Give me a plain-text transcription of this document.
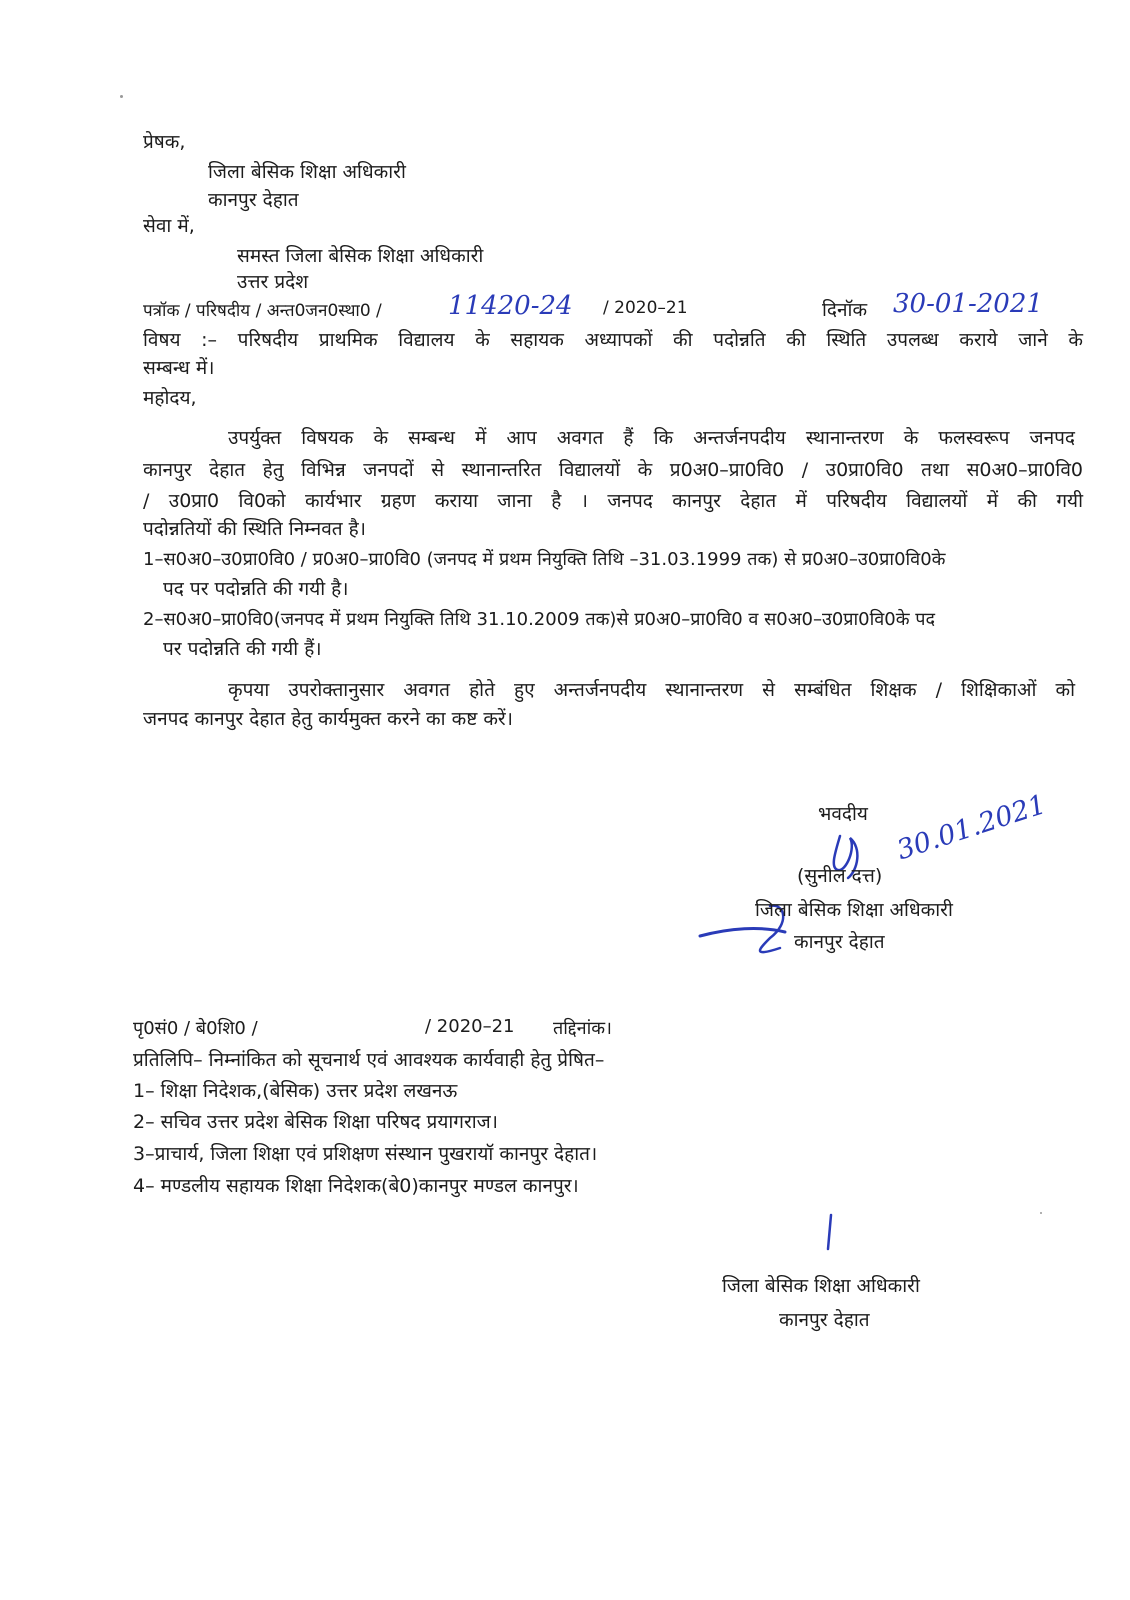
प्रेषक,
जिला बेसिक शिक्षा अधिकारी
कानपुर देहात
सेवा में,
समस्त जिला बेसिक शिक्षा अधिकारी
उत्तर प्रदेश
पत्रॉक / परिषदीय / अन्त0जन0स्था0 /	11420-24 / 2020–21	दिनॉक 30-01-2021
विषय :– परिषदीय प्राथमिक विद्यालय के सहायक अध्यापकों की पदोन्नति की स्थिति उपलब्ध कराये जाने के
सम्बन्ध में।
महोदय,
उपर्युक्त विषयक के सम्बन्ध में आप अवगत हैं कि अन्तर्जनपदीय स्थानान्तरण के फलस्वरूप जनपद
कानपुर देहात हेतु विभिन्न जनपदों से स्थानान्तरित विद्यालयों के प्र0अ0–प्रा0वि0 / उ0प्रा0वि0 तथा स0अ0–प्रा0वि0
/ उ0प्रा0 वि0को कार्यभार ग्रहण कराया जाना है । जनपद कानपुर देहात में परिषदीय विद्यालयों में की गयी
पदोन्नतियों की स्थिति निम्नवत है।
1–स0अ0–उ0प्रा0वि0 / प्र0अ0–प्रा0वि0 (जनपद में प्रथम नियुक्ति तिथि –31.03.1999 तक) से प्र0अ0–उ0प्रा0वि0के
पद पर पदोन्नति की गयी है।
2–स0अ0–प्रा0वि0(जनपद में प्रथम नियुक्ति तिथि 31.10.2009 तक)से प्र0अ0–प्रा0वि0 व स0अ0–उ0प्रा0वि0के पद
पर पदोन्नति की गयी हैं।
कृपया उपरोक्तानुसार अवगत होते हुए अन्तर्जनपदीय स्थानान्तरण से सम्बंधित शिक्षक / शिक्षिकाओं को
जनपद कानपुर देहात हेतु कार्यमुक्त करने का कष्ट करें।
भवदीय 30.01.2021
(सुनील दत्त)
जिला बेसिक शिक्षा अधिकारी
कानपुर देहात
पृ0सं0 / बे0शि0 /	/ 2020–21 तद्दिनांक।
प्रतिलिपि– निम्नांकित को सूचनार्थ एवं आवश्यक कार्यवाही हेतु प्रेषित–
1– शिक्षा निदेशक,(बेसिक) उत्तर प्रदेश लखनऊ
2– सचिव उत्तर प्रदेश बेसिक शिक्षा परिषद प्रयागराज।
3–प्राचार्य, जिला शिक्षा एवं प्रशिक्षण संस्थान पुखरायॉ कानपुर देहात।
4– मण्डलीय सहायक शिक्षा निदेशक(बे0)कानपुर मण्डल कानपुर।
जिला बेसिक शिक्षा अधिकारी
कानपुर देहात
